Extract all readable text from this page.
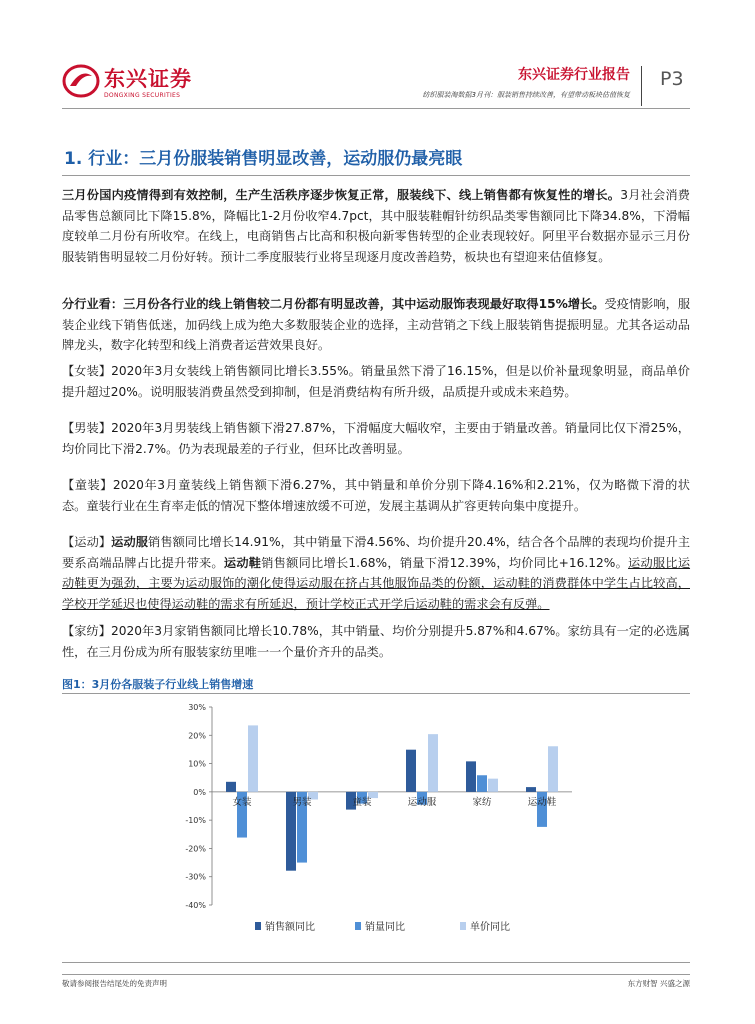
东兴证券
DONGXING SECURITIES
东兴证券行业报告
纺织服装淘数据3月刊：服装销售持续改善，有望带动板块估值恢复
P3
1. 行业：三月份服装销售明显改善，运动服仍最亮眼
三月份国内疫情得到有效控制，生产生活秩序逐步恢复正常，服装线下、线上销售都有恢复性的增长。3月社会消费品零售总额同比下降15.8%，降幅比1-2月份收窄4.7pct，其中服装鞋帽针纺织品类零售额同比下降34.8%，下滑幅度较单二月份有所收窄。在线上，电商销售占比高和积极向新零售转型的企业表现较好。阿里平台数据亦显示三月份服装销售明显较二月份好转。预计二季度服装行业将呈现逐月度改善趋势，板块也有望迎来估值修复。
分行业看：三月份各行业的线上销售较二月份都有明显改善，其中运动服饰表现最好取得15%增长。受疫情影响，服装企业线下销售低迷，加码线上成为绝大多数服装企业的选择，主动营销之下线上服装销售提振明显。尤其各运动品牌龙头，数字化转型和线上消费者运营效果良好。
【女装】2020年3月女装线上销售额同比增长3.55%。销量虽然下滑了16.15%，但是以价补量现象明显，商品单价提升超过20%。说明服装消费虽然受到抑制，但是消费结构有所升级，品质提升或成未来趋势。
【男装】2020年3月男装线上销售额下滑27.87%，下滑幅度大幅收窄，主要由于销量改善。销量同比仅下滑25%，均价同比下滑2.7%。仍为表现最差的子行业，但环比改善明显。
【童装】2020年3月童装线上销售额下滑6.27%，其中销量和单价分别下降4.16%和2.21%，仅为略微下滑的状态。童装行业在生育率走低的情况下整体增速放缓不可逆，发展主基调从扩容更转向集中度提升。
【运动】运动服销售额同比增长14.91%，其中销量下滑4.56%、均价提升20.4%，结合各个品牌的表现均价提升主要系高端品牌占比提升带来。运动鞋销售额同比增长1.68%，销量下滑12.39%，均价同比+16.12%。运动服比运动鞋更为强劲，主要为运动服饰的潮化使得运动服在挤占其他服饰品类的份额，运动鞋的消费群体中学生占比较高，学校开学延迟也使得运动鞋的需求有所延迟，预计学校正式开学后运动鞋的需求会有反弹。
【家纺】2020年3月家销售额同比增长10.78%，其中销量、均价分别提升5.87%和4.67%。家纺具有一定的必选属性，在三月份成为所有服装家纺里唯一一个量价齐升的品类。
图1：3月份各服装子行业线上销售增速
30%
20%
10%
0%
-10%
-20%
-30%
-40%
女装	男装	童装	运动服	家纺	运动鞋
销售额同比	销量同比	单价同比
敬请参阅报告结尾处的免责声明	东方财智 兴盛之源
